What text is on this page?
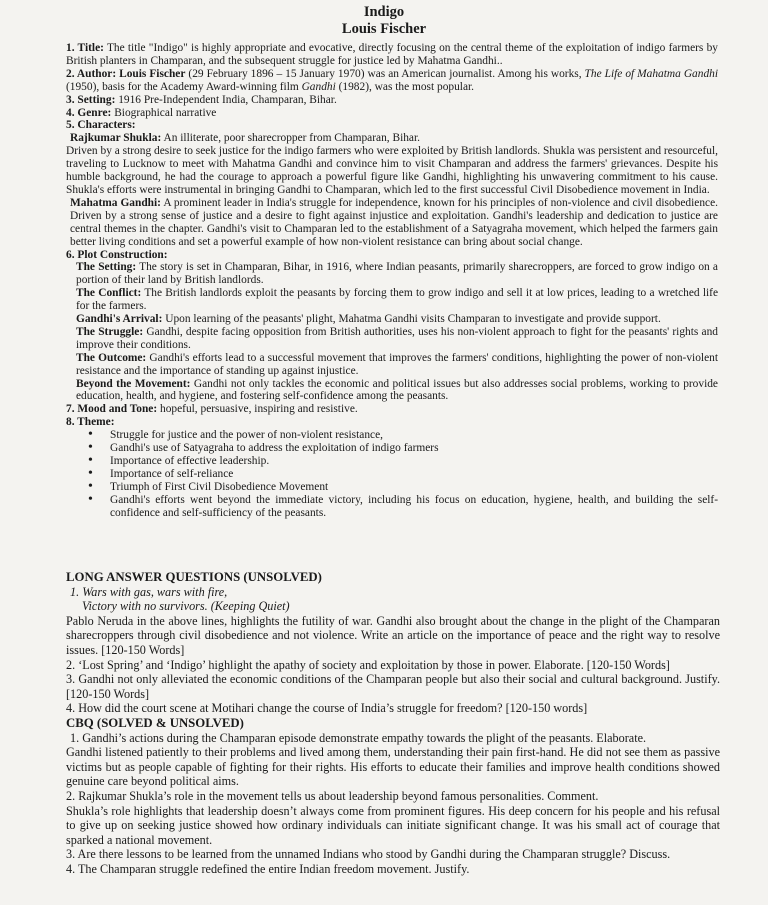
Indigo
Louis Fischer

1. Title: The title "Indigo" is highly appropriate and evocative, directly focusing on the central theme of the exploitation of indigo farmers by British planters in Champaran, and the subsequent struggle for justice led by Mahatma Gandhi..

2. Author: Louis Fischer (29 February 1896 – 15 January 1970) was an American journalist. Among his works, The Life of Mahatma Gandhi (1950), basis for the Academy Award-winning film Gandhi (1982), was the most popular.

3. Setting: 1916 Pre-Independent India, Champaran, Bihar.

4. Genre: Biographical narrative

5. Characters:

Rajkumar Shukla: An illiterate, poor sharecropper from Champaran, Bihar.

Driven by a strong desire to seek justice for the indigo farmers who were exploited by British landlords. Shukla was persistent and resourceful, traveling to Lucknow to meet with Mahatma Gandhi and convince him to visit Champaran and address the farmers' grievances. Despite his humble background, he had the courage to approach a powerful figure like Gandhi, highlighting his unwavering commitment to his cause. Shukla's efforts were instrumental in bringing Gandhi to Champaran, which led to the first successful Civil Disobedience movement in India.

Mahatma Gandhi: A prominent leader in India's struggle for independence, known for his principles of non-violence and civil disobedience. Driven by a strong sense of justice and a desire to fight against injustice and exploitation. Gandhi's leadership and dedication to justice are central themes in the chapter. Gandhi's visit to Champaran led to the establishment of a Satyagraha movement, which helped the farmers gain better living conditions and set a powerful example of how non-violent resistance can bring about social change.

6. Plot Construction:

The Setting: The story is set in Champaran, Bihar, in 1916, where Indian peasants, primarily sharecroppers, are forced to grow indigo on a portion of their land by British landlords.

The Conflict: The British landlords exploit the peasants by forcing them to grow indigo and sell it at low prices, leading to a wretched life for the farmers.

Gandhi's Arrival: Upon learning of the peasants' plight, Mahatma Gandhi visits Champaran to investigate and provide support.

The Struggle: Gandhi, despite facing opposition from British authorities, uses his non-violent approach to fight for the peasants' rights and improve their conditions.

The Outcome: Gandhi's efforts lead to a successful movement that improves the farmers' conditions, highlighting the power of non-violent resistance and the importance of standing up against injustice.

Beyond the Movement: Gandhi not only tackles the economic and political issues but also addresses social problems, working to provide education, health, and hygiene, and fostering self-confidence among the peasants.

7. Mood and Tone: hopeful, persuasive, inspiring and resistive.

8. Theme:

• Struggle for justice and the power of non-violent resistance,
• Gandhi's use of Satyagraha to address the exploitation of indigo farmers
• Importance of effective leadership.
• Importance of self-reliance
• Triumph of First Civil Disobedience Movement
• Gandhi's efforts went beyond the immediate victory, including his focus on education, hygiene, health, and building the self-confidence and self-sufficiency of the peasants.

LONG ANSWER QUESTIONS (UNSOLVED)

1. Wars with gas, wars with fire,

Victory with no survivors. (Keeping Quiet)

Pablo Neruda in the above lines, highlights the futility of war. Gandhi also brought about the change in the plight of the Champaran sharecroppers through civil disobedience and not violence. Write an article on the importance of peace and the right way to resolve issues. [120-150 Words]

2. ‘Lost Spring’ and ‘Indigo’ highlight the apathy of society and exploitation by those in power. Elaborate. [120-150 Words]

3. Gandhi not only alleviated the economic conditions of the Champaran people but also their social and cultural background. Justify. [120-150 Words]

4. How did the court scene at Motihari change the course of India’s struggle for freedom? [120-150 words]

CBQ (SOLVED & UNSOLVED)

1. Gandhi’s actions during the Champaran episode demonstrate empathy towards the plight of the peasants. Elaborate.

Gandhi listened patiently to their problems and lived among them, understanding their pain first-hand. He did not see them as passive victims but as people capable of fighting for their rights. His efforts to educate their families and improve health conditions showed genuine care beyond political aims.

2. Rajkumar Shukla’s role in the movement tells us about leadership beyond famous personalities. Comment.

Shukla’s role highlights that leadership doesn’t always come from prominent figures. His deep concern for his people and his refusal to give up on seeking justice showed how ordinary individuals can initiate significant change. It was his small act of courage that sparked a national movement.

3. Are there lessons to be learned from the unnamed Indians who stood by Gandhi during the Champaran struggle? Discuss.

4. The Champaran struggle redefined the entire Indian freedom movement. Justify.
